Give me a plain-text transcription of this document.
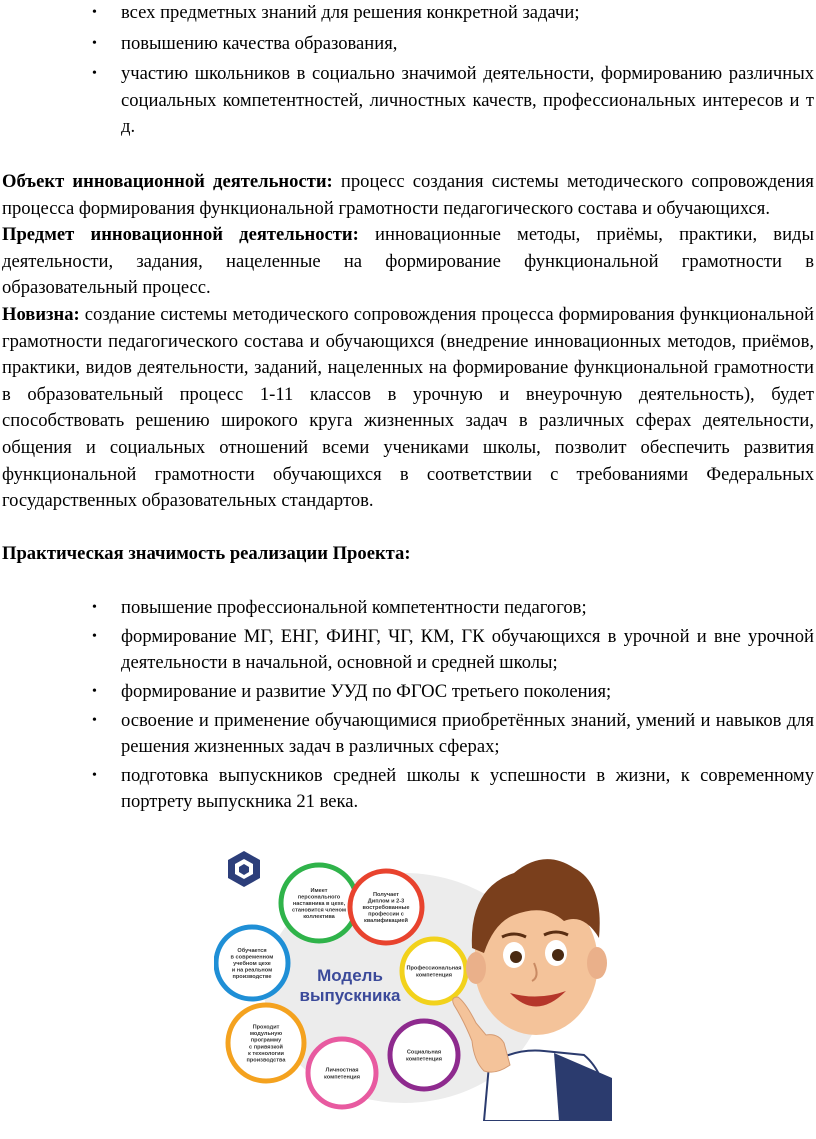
• всех предметных знаний для решения конкретной задачи;
• повышению качества образования,
• участию школьников в социально значимой деятельности, формированию различных социальных компетентностей, личностных качеств, профессиональных интересов и т д.

Объект инновационной деятельности: процесс создания системы методического сопровождения процесса формирования функциональной грамотности педагогического состава и обучающихся.

Предмет инновационной деятельности: инновационные методы, приёмы, практики, виды деятельности, задания, нацеленные на формирование функциональной грамотности в образовательный процесс.

Новизна: создание системы методического сопровождения процесса формирования функциональной грамотности педагогического состава и обучающихся (внедрение инновационных методов, приёмов, практики, видов деятельности, заданий, нацеленных на формирование функциональной грамотности в образовательный процесс 1-11 классов в урочную и внеурочную деятельность), будет способствовать решению широкого круга жизненных задач в различных сферах деятельности, общения и социальных отношений всеми учениками школы, позволит обеспечить развития функциональной грамотности обучающихся в соответствии с требованиями Федеральных государственных образовательных стандартов.

Практическая значимость реализации Проекта:

• повышение профессиональной компетентности педагогов;
• формирование МГ, ЕНГ, ФИНГ, ЧГ, КМ, ГК обучающихся в урочной и вне урочной деятельности в начальной, основной и средней школы;
• формирование и развитие УУД по ФГОС третьего поколения;
• освоение и применение обучающимися приобретённых знаний, умений и навыков для решения жизненных задач в различных сферах;
• подготовка выпускников средней школы к успешности в жизни, к современному портрету выпускника 21 века.
Модель
выпускника
Имеет
персонального
наставника в цехе,
становится членом
коллектива
Получает
Диплом и 2-3
востребованные
профессии с
квалификацией
Обучается
в современном
учебном цехе
и на реальном
производстве
Профессиональная
компетенция
Проходит
модульную
программу
с привязкой
к технологии
производства
Личностная
компетенция
Социальная
компетенция
